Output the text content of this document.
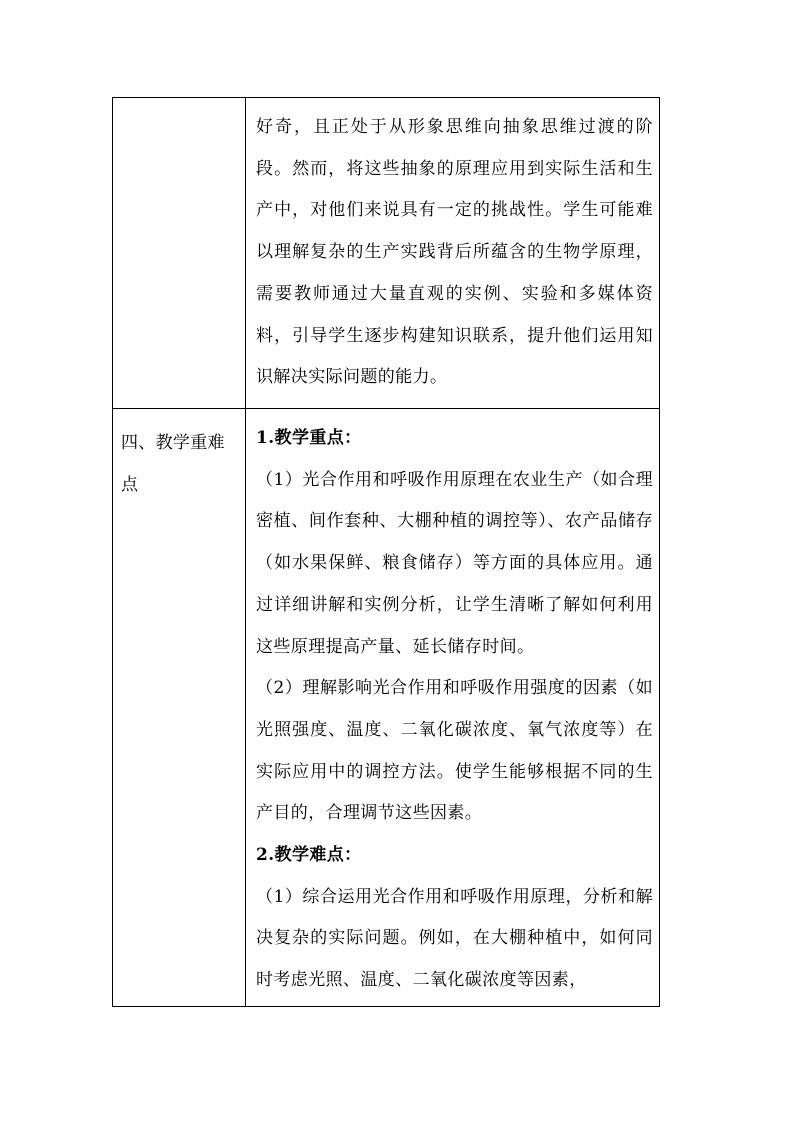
	好奇，且正处于从形象思维向抽象思维过渡的阶段。然而，将这些抽象的原理应用到实际生活和生产中，对他们来说具有一定的挑战性。学生可能难以理解复杂的生产实践背后所蕴含的生物学原理，需要教师通过大量直观的实例、实验和多媒体资料，引导学生逐步构建知识联系，提升他们运用知识解决实际问题的能力。

四、教学重难点	1.教学重点：

（1）光合作用和呼吸作用原理在农业生产（如合理密植、间作套种、大棚种植的调控等）、农产品储存（如水果保鲜、粮食储存）等方面的具体应用。通过详细讲解和实例分析，让学生清晰了解如何利用这些原理提高产量、延长储存时间。

（2）理解影响光合作用和呼吸作用强度的因素（如光照强度、温度、二氧化碳浓度、氧气浓度等）在实际应用中的调控方法。使学生能够根据不同的生产目的，合理调节这些因素。

2.教学难点：

（1）综合运用光合作用和呼吸作用原理，分析和解决复杂的实际问题。例如，在大棚种植中，如何同时考虑光照、温度、二氧化碳浓度等因素，
